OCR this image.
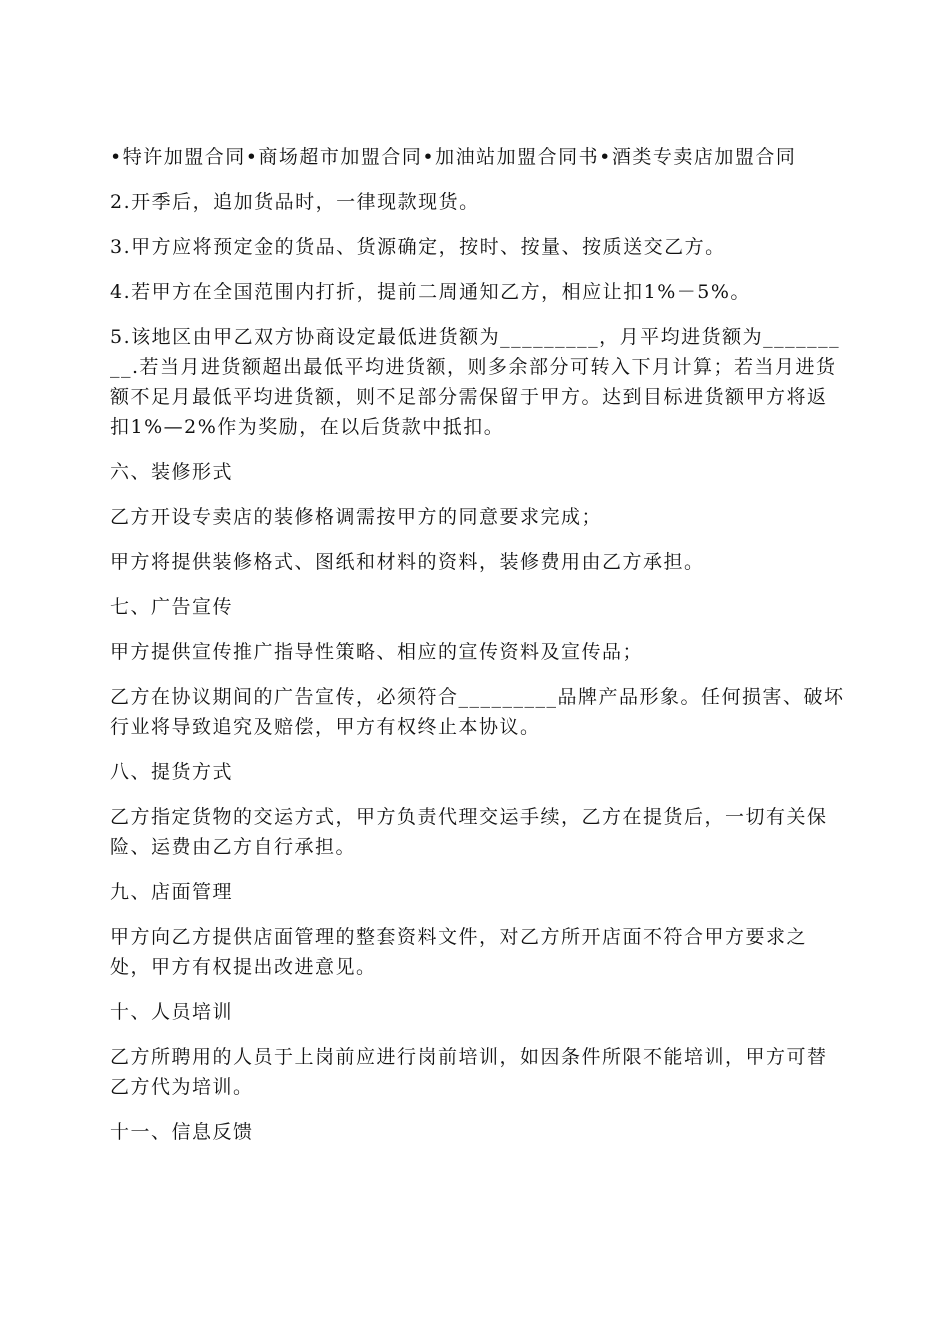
•特许加盟合同•商场超市加盟合同•加油站加盟合同书•酒类专卖店加盟合同

2.开季后，追加货品时，一律现款现货。

3.甲方应将预定金的货品、货源确定，按时、按量、按质送交乙方。

4.若甲方在全国范围内打折，提前二周通知乙方，相应让扣1%－5%。

5.该地区由甲乙双方协商设定最低进货额为_________，月平均进货额为_________.若当月进货额超出最低平均进货额，则多余部分可转入下月计算；若当月进货额不足月最低平均进货额，则不足部分需保留于甲方。达到目标进货额甲方将返扣1%—2%作为奖励，在以后货款中抵扣。

六、装修形式

乙方开设专卖店的装修格调需按甲方的同意要求完成；

甲方将提供装修格式、图纸和材料的资料，装修费用由乙方承担。

七、广告宣传

甲方提供宣传推广指导性策略、相应的宣传资料及宣传品；

乙方在协议期间的广告宣传，必须符合_________品牌产品形象。任何损害、破坏行业将导致追究及赔偿，甲方有权终止本协议。

八、提货方式

乙方指定货物的交运方式，甲方负责代理交运手续，乙方在提货后，一切有关保险、运费由乙方自行承担。

九、店面管理

甲方向乙方提供店面管理的整套资料文件，对乙方所开店面不符合甲方要求之处，甲方有权提出改进意见。

十、人员培训

乙方所聘用的人员于上岗前应进行岗前培训，如因条件所限不能培训，甲方可替乙方代为培训。

十一、信息反馈
